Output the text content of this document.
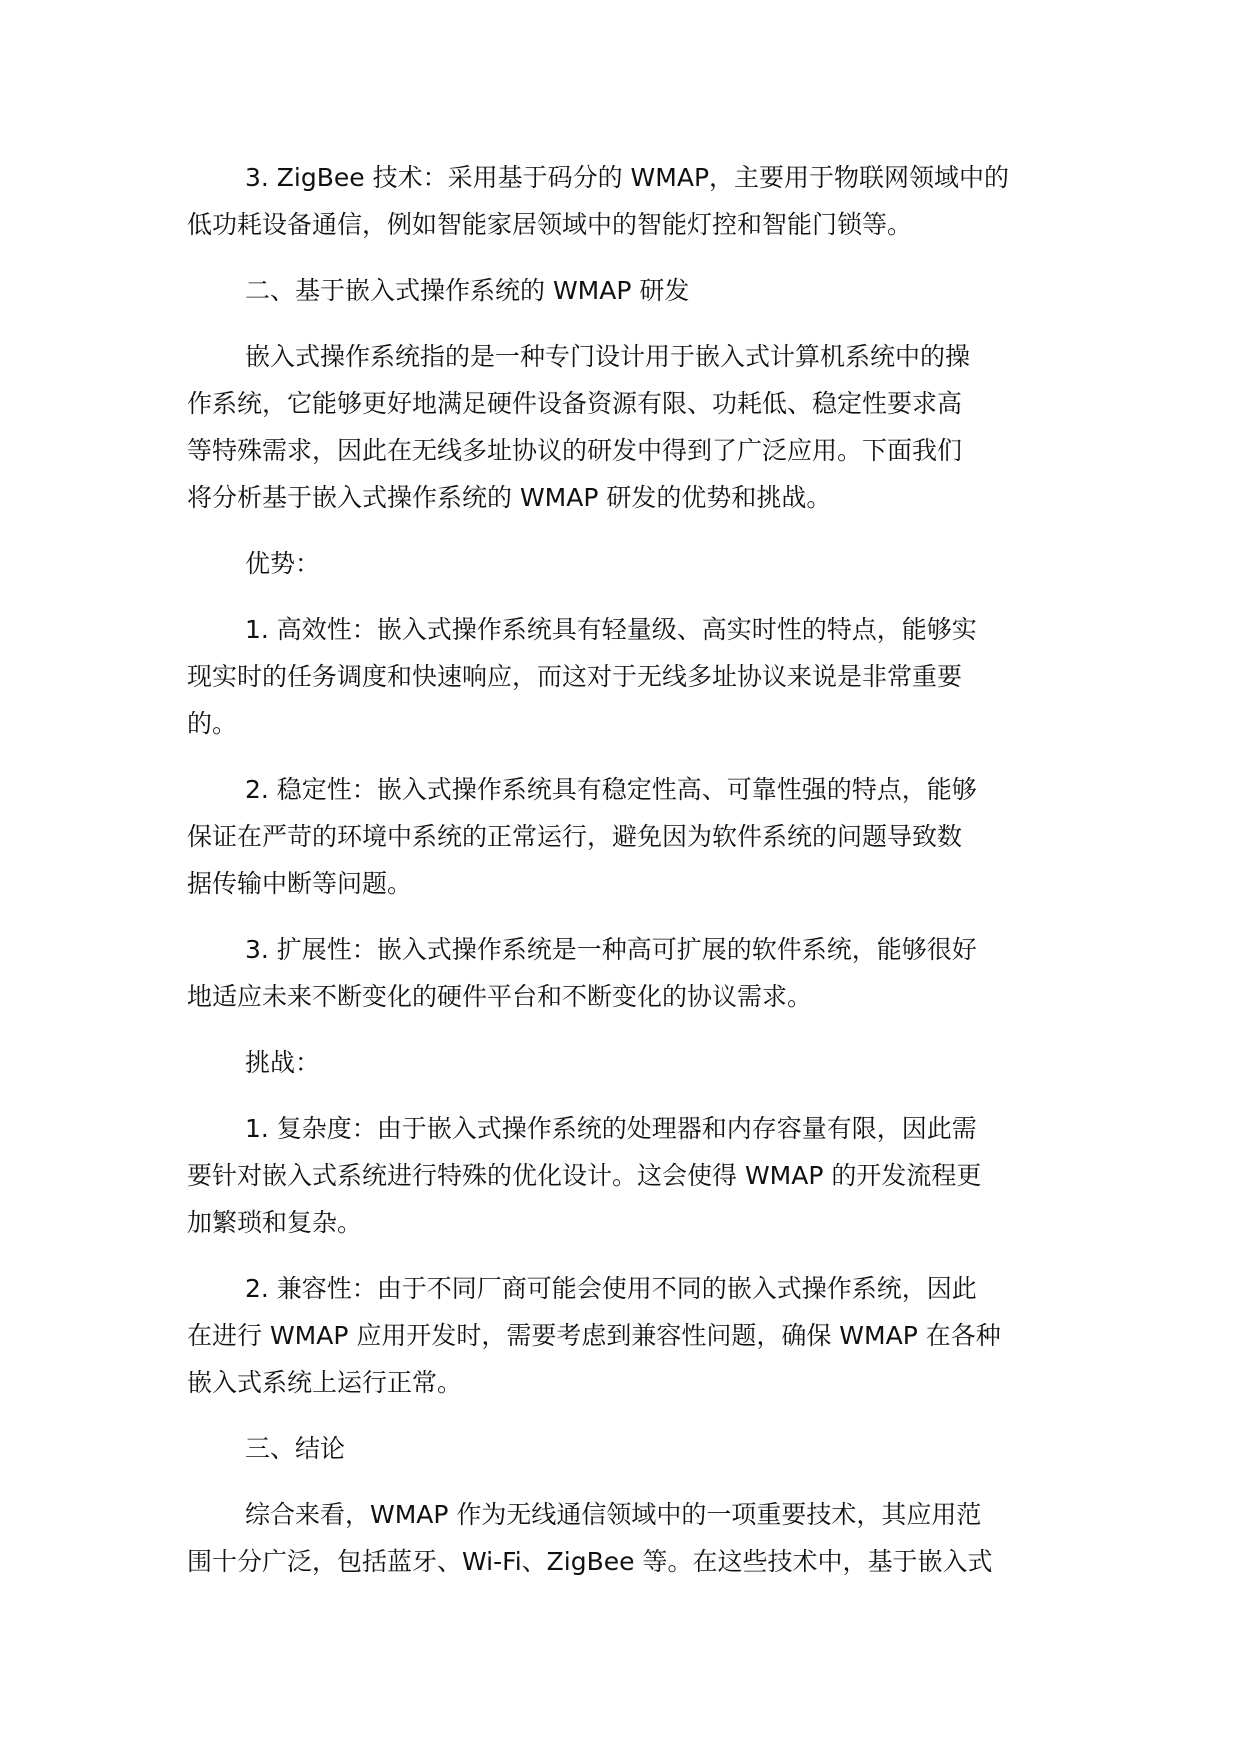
3. ZigBee 技术：采用基于码分的 WMAP，主要用于物联网领域中的
低功耗设备通信，例如智能家居领域中的智能灯控和智能门锁等。
二、基于嵌入式操作系统的 WMAP 研发
嵌入式操作系统指的是一种专门设计用于嵌入式计算机系统中的操
作系统，它能够更好地满足硬件设备资源有限、功耗低、稳定性要求高
等特殊需求，因此在无线多址协议的研发中得到了广泛应用。下面我们
将分析基于嵌入式操作系统的 WMAP 研发的优势和挑战。
优势：
1. 高效性：嵌入式操作系统具有轻量级、高实时性的特点，能够实
现实时的任务调度和快速响应，而这对于无线多址协议来说是非常重要
的。
2. 稳定性：嵌入式操作系统具有稳定性高、可靠性强的特点，能够
保证在严苛的环境中系统的正常运行，避免因为软件系统的问题导致数
据传输中断等问题。
3. 扩展性：嵌入式操作系统是一种高可扩展的软件系统，能够很好
地适应未来不断变化的硬件平台和不断变化的协议需求。
挑战：
1. 复杂度：由于嵌入式操作系统的处理器和内存容量有限，因此需
要针对嵌入式系统进行特殊的优化设计。这会使得 WMAP 的开发流程更
加繁琐和复杂。
2. 兼容性：由于不同厂商可能会使用不同的嵌入式操作系统，因此
在进行 WMAP 应用开发时，需要考虑到兼容性问题，确保 WMAP 在各种
嵌入式系统上运行正常。
三、结论
综合来看，WMAP 作为无线通信领域中的一项重要技术，其应用范
围十分广泛，包括蓝牙、Wi-Fi、ZigBee 等。在这些技术中，基于嵌入式
